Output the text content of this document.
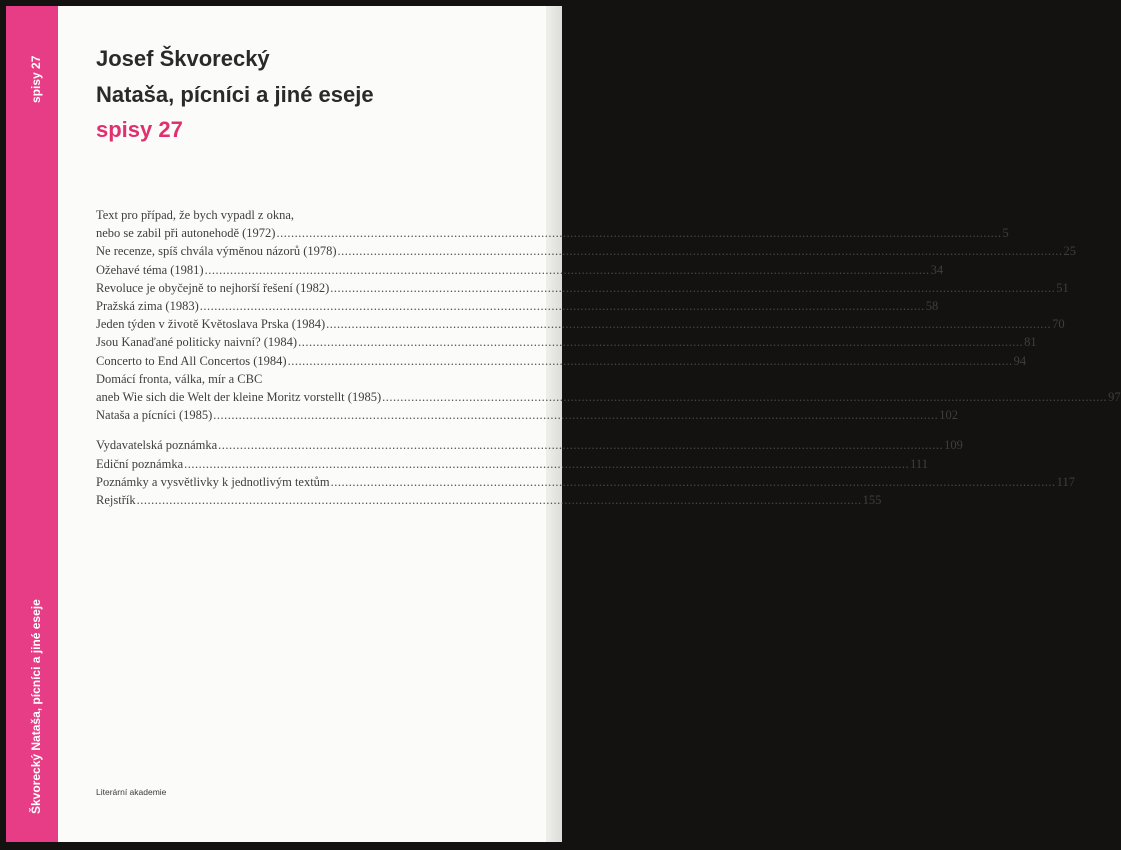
spisy 27
Škvorecký Nataša, pícníci a jiné eseje
Josef Škvorecký
Nataša, pícníci a jiné eseje
spisy 27
Text pro případ, že bych vypadl z okna,
nebo se zabil při autonehodě (1972) ........................................................................................................................................................................................................ 5
Ne recenze, spíš chvála výměnou názorů (1978) ........................................................................................................................................................................................................ 25
Ožehavé téma (1981) ........................................................................................................................................................................................................ 34
Revoluce je obyčejně to nejhorší řešení (1982) ........................................................................................................................................................................................................ 51
Pražská zima (1983) ........................................................................................................................................................................................................ 58
Jeden týden v životě Květoslava Prska (1984) ........................................................................................................................................................................................................ 70
Jsou Kanaďané politicky naivní? (1984) ........................................................................................................................................................................................................ 81
Concerto to End All Concertos (1984) ........................................................................................................................................................................................................ 94
Domácí fronta, válka, mír a CBC
aneb Wie sich die Welt der kleine Moritz vorstellt (1985) ........................................................................................................................................................................................................ 97
Nataša a pícníci (1985) ........................................................................................................................................................................................................ 102
Vydavatelská poznámka ........................................................................................................................................................................................................ 109
Ediční poznámka ........................................................................................................................................................................................................ 111
Poznámky a vysvětlivky k jednotlivým textům ........................................................................................................................................................................................................ 117
Rejstřík ........................................................................................................................................................................................................ 155
Literární akademie
